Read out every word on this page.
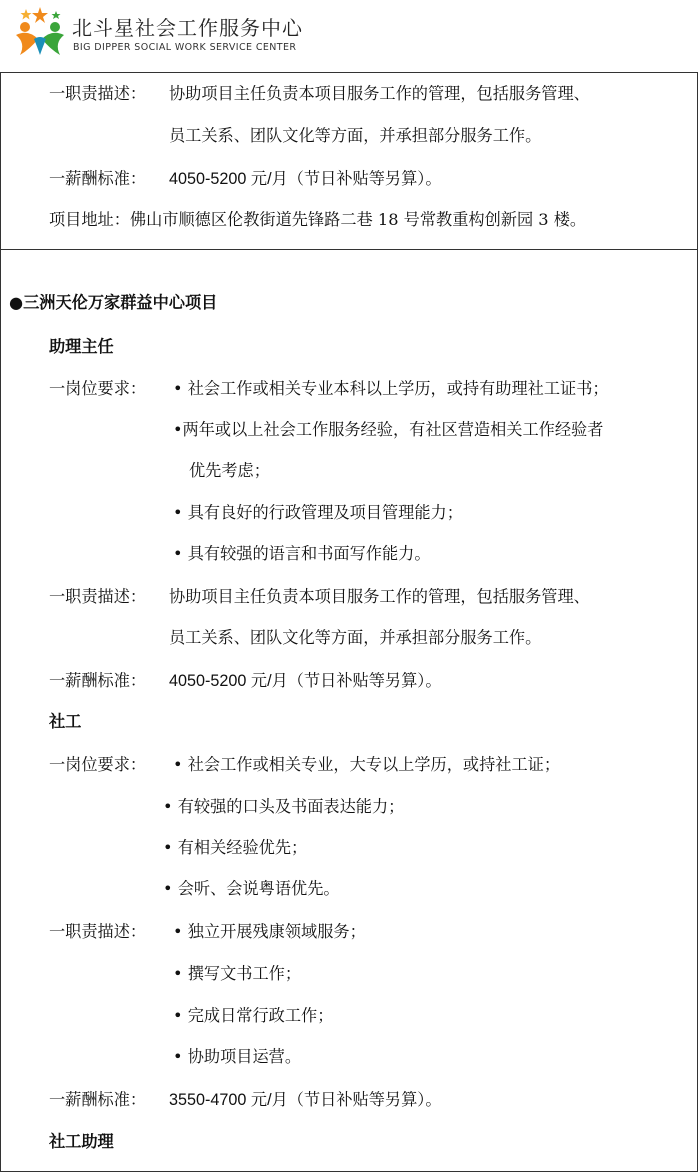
北斗星社会工作服务中心
BIG DIPPER SOCIAL WORK SERVICE CENTER
一职责描述： 协助项目主任负责本项目服务工作的管理，包括服务管理、
员工关系、团队文化等方面，并承担部分服务工作。
一薪酬标准： 4050-5200 元/月（节日补贴等另算）。
项目地址：佛山市顺德区伦教街道先锋路二巷 18 号常教重构创新园 3 楼。
●三洲天伦万家群益中心项目
助理主任
一岗位要求： • 社会工作或相关专业本科以上学历，或持有助理社工证书；
•两年或以上社会工作服务经验，有社区营造相关工作经验者
优先考虑；
• 具有良好的行政管理及项目管理能力；
• 具有较强的语言和书面写作能力。
一职责描述： 协助项目主任负责本项目服务工作的管理，包括服务管理、
员工关系、团队文化等方面，并承担部分服务工作。
一薪酬标准： 4050-5200 元/月（节日补贴等另算）。
社工
一岗位要求： • 社会工作或相关专业，大专以上学历，或持社工证；
• 有较强的口头及书面表达能力；
• 有相关经验优先；
• 会听、会说粤语优先。
一职责描述： • 独立开展残康领域服务；
• 撰写文书工作；
• 完成日常行政工作；
• 协助项目运营。
一薪酬标准： 3550-4700 元/月（节日补贴等另算）。
社工助理
